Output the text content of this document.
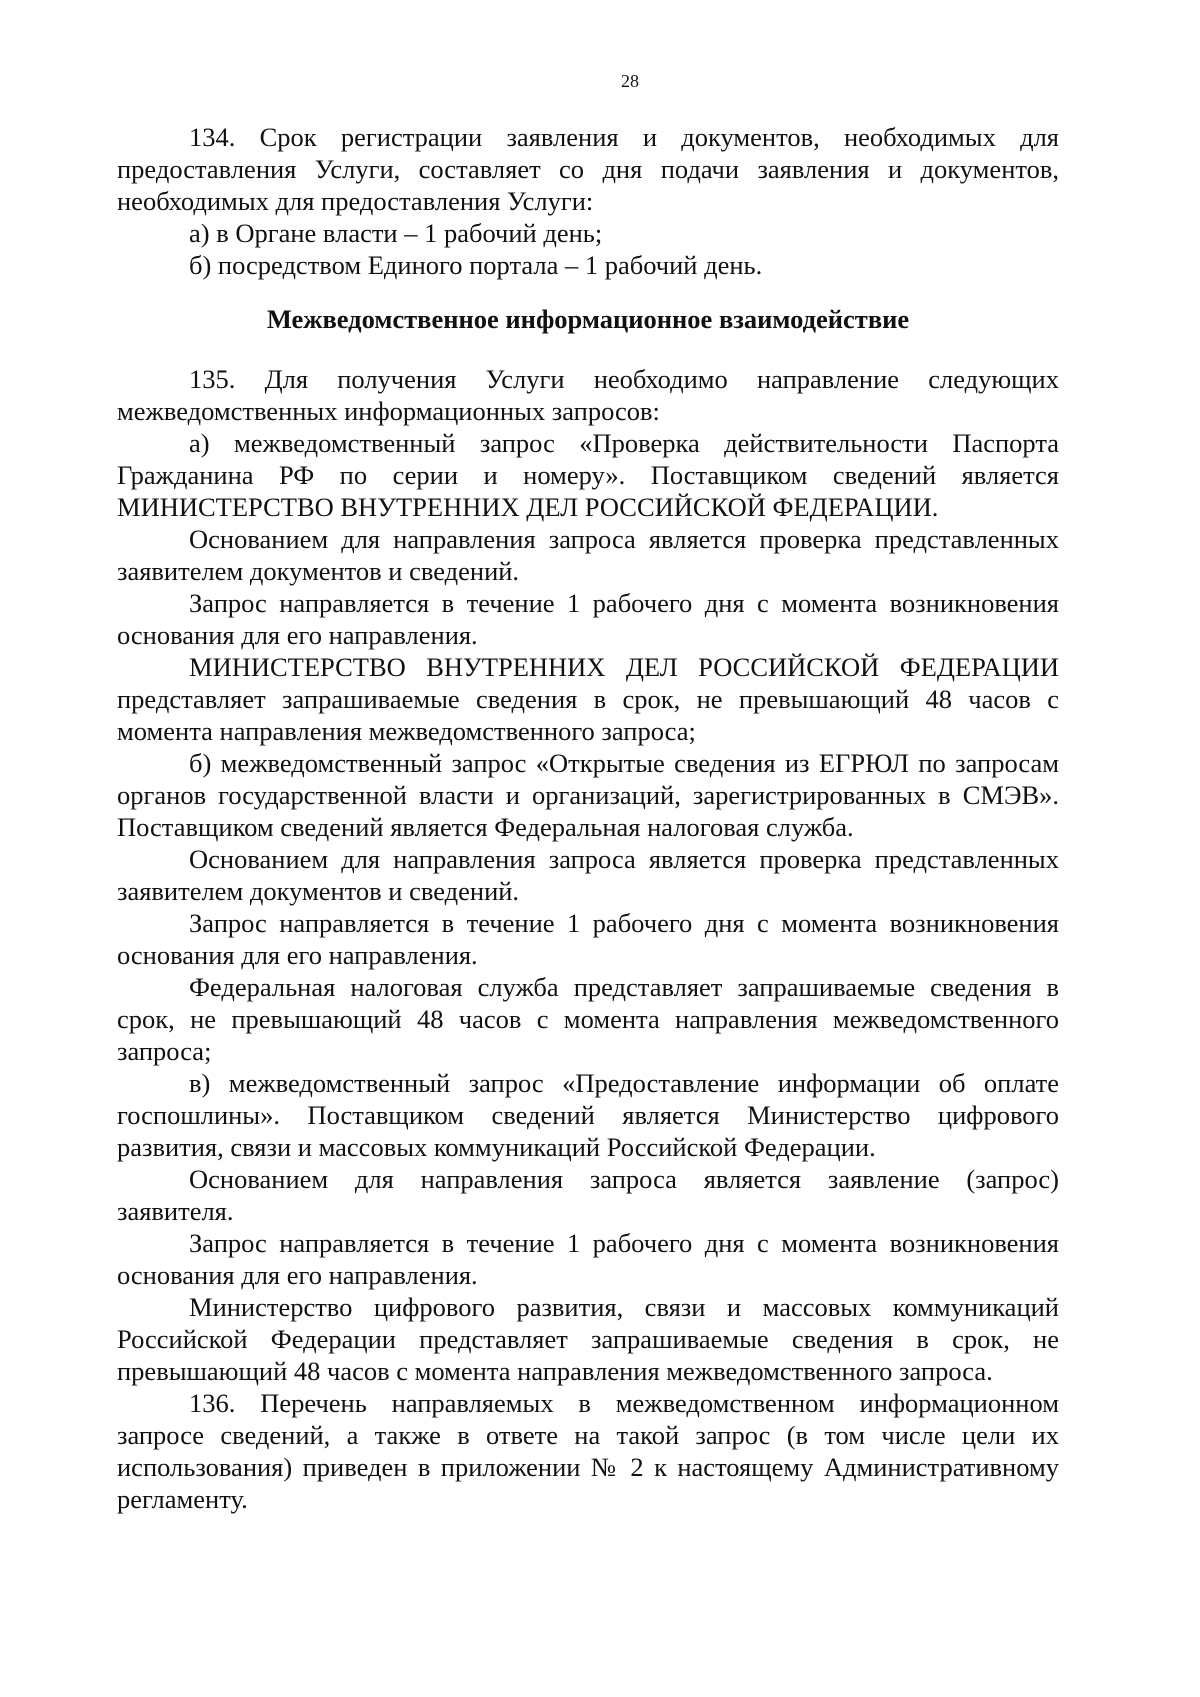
28

134. Срок регистрации заявления и документов, необходимых для предоставления Услуги, составляет со дня подачи заявления и документов, необходимых для предоставления Услуги:

а) в Органе власти – 1 рабочий день;

б) посредством Единого портала – 1 рабочий день.

Межведомственное информационное взаимодействие

135. Для получения Услуги необходимо направление следующих межведомственных информационных запросов:

а) межведомственный запрос «Проверка действительности Паспорта Гражданина РФ по серии и номеру». Поставщиком сведений является МИНИСТЕРСТВО ВНУТРЕННИХ ДЕЛ РОССИЙСКОЙ ФЕДЕРАЦИИ.

Основанием для направления запроса является проверка представленных заявителем документов и сведений.

Запрос направляется в течение 1 рабочего дня с момента возникновения основания для его направления.

МИНИСТЕРСТВО ВНУТРЕННИХ ДЕЛ РОССИЙСКОЙ ФЕДЕРАЦИИ представляет запрашиваемые сведения в срок, не превышающий 48 часов с момента направления межведомственного запроса;

б) межведомственный запрос «Открытые сведения из ЕГРЮЛ по запросам органов государственной власти и организаций, зарегистрированных в СМЭВ». Поставщиком сведений является Федеральная налоговая служба.

Основанием для направления запроса является проверка представленных заявителем документов и сведений.

Запрос направляется в течение 1 рабочего дня с момента возникновения основания для его направления.

Федеральная налоговая служба представляет запрашиваемые сведения в срок, не превышающий 48 часов с момента направления межведомственного запроса;

в) межведомственный запрос «Предоставление информации об оплате госпошлины». Поставщиком сведений является Министерство цифрового развития, связи и массовых коммуникаций Российской Федерации.

Основанием для направления запроса является заявление (запрос) заявителя.

Запрос направляется в течение 1 рабочего дня с момента возникновения основания для его направления.

Министерство цифрового развития, связи и массовых коммуникаций Российской Федерации представляет запрашиваемые сведения в срок, не превышающий 48 часов с момента направления межведомственного запроса.

136. Перечень направляемых в межведомственном информационном запросе сведений, а также в ответе на такой запрос (в том числе цели их использования) приведен в приложении № 2 к настоящему Административному регламенту.
